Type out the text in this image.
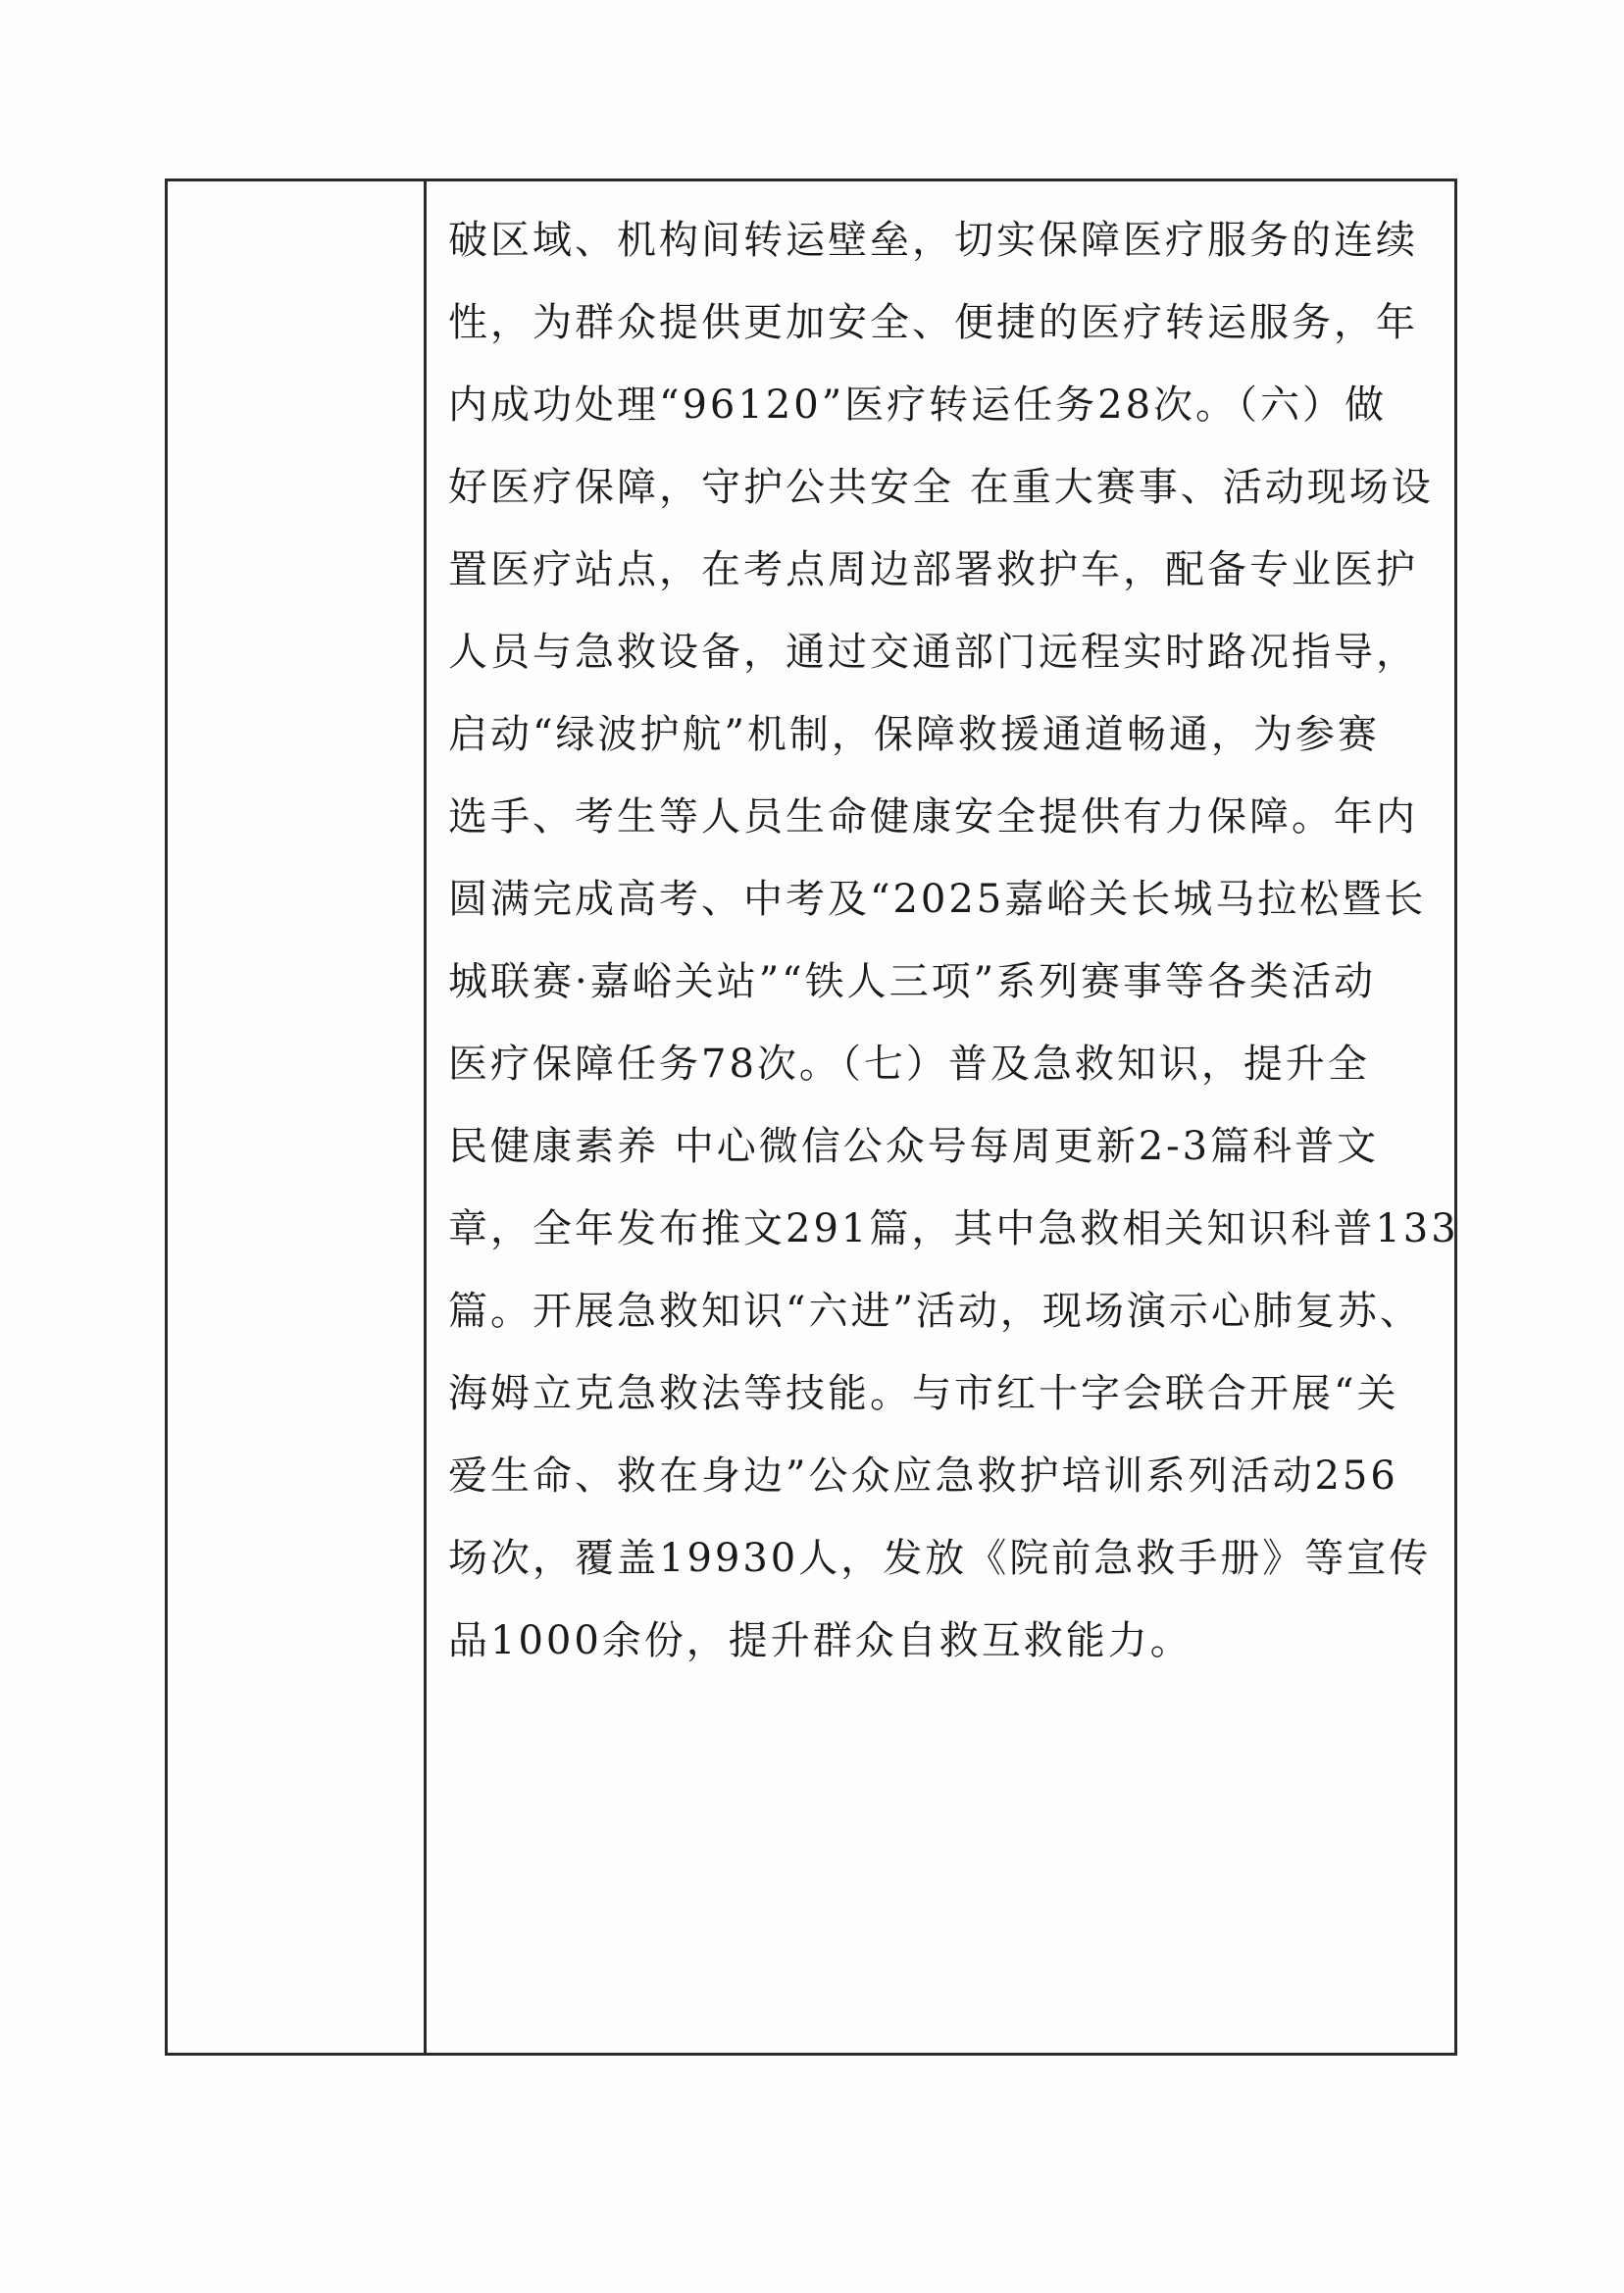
破区域、机构间转运壁垒，切实保障医疗服务的连续
性，为群众提供更加安全、便捷的医疗转运服务，年
内成功处理“96120”医疗转运任务28次。（六）做
好医疗保障，守护公共安全 在重大赛事、活动现场设
置医疗站点，在考点周边部署救护车，配备专业医护
人员与急救设备，通过交通部门远程实时路况指导，
启动“绿波护航”机制，保障救援通道畅通，为参赛
选手、考生等人员生命健康安全提供有力保障。年内
圆满完成高考、中考及“2025嘉峪关长城马拉松暨长
城联赛·嘉峪关站”“铁人三项”系列赛事等各类活动
医疗保障任务78次。（七）普及急救知识，提升全
民健康素养 中心微信公众号每周更新2-3篇科普文
章，全年发布推文291篇，其中急救相关知识科普133
篇。开展急救知识“六进”活动，现场演示心肺复苏、
海姆立克急救法等技能。与市红十字会联合开展“关
爱生命、救在身边”公众应急救护培训系列活动256
场次，覆盖19930人，发放《院前急救手册》等宣传
品1000余份，提升群众自救互救能力。
